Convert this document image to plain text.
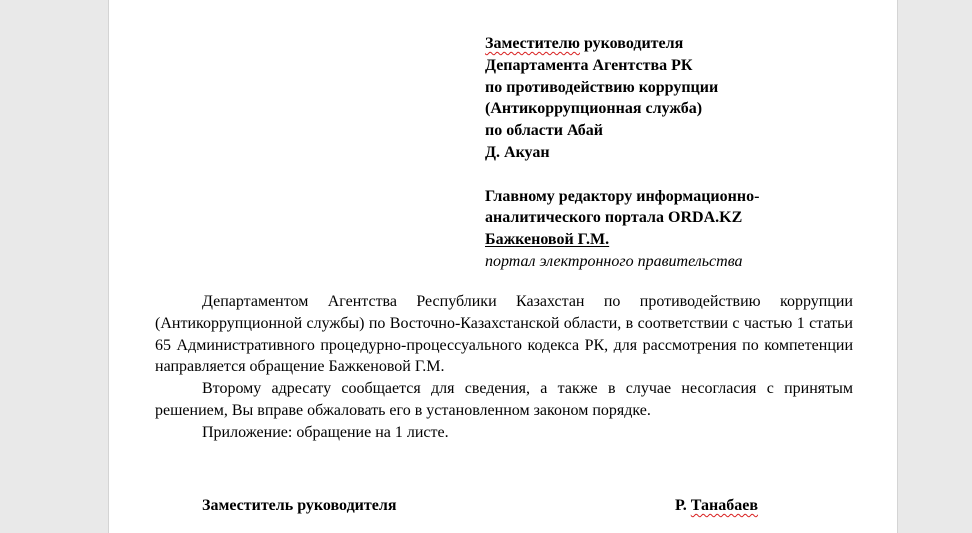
Заместителю руководителя
Департамента Агентства РК
по противодействию коррупции
(Антикоррупционная служба)
по области Абай
Д. Акуан
Главному редактору информационно-
аналитического портала ORDA.KZ
Бажкеновой Г.М.
портал электронного правительства

Департаментом Агентства Республики Казахстан по противодействию коррупции (Антикоррупционной службы) по Восточно-Казахстанской области, в соответствии с частью 1 статьи 65 Административного процедурно-процессуального кодекса РК, для рассмотрения по компетенции направляется обращение Бажкеновой Г.М.

Второму адресату сообщается для сведения, а также в случае несогласия с принятым решением, Вы вправе обжаловать его в установленном законом порядке.

Приложение: обращение на 1 листе.

Заместитель руководителя	Р. Танабаев
